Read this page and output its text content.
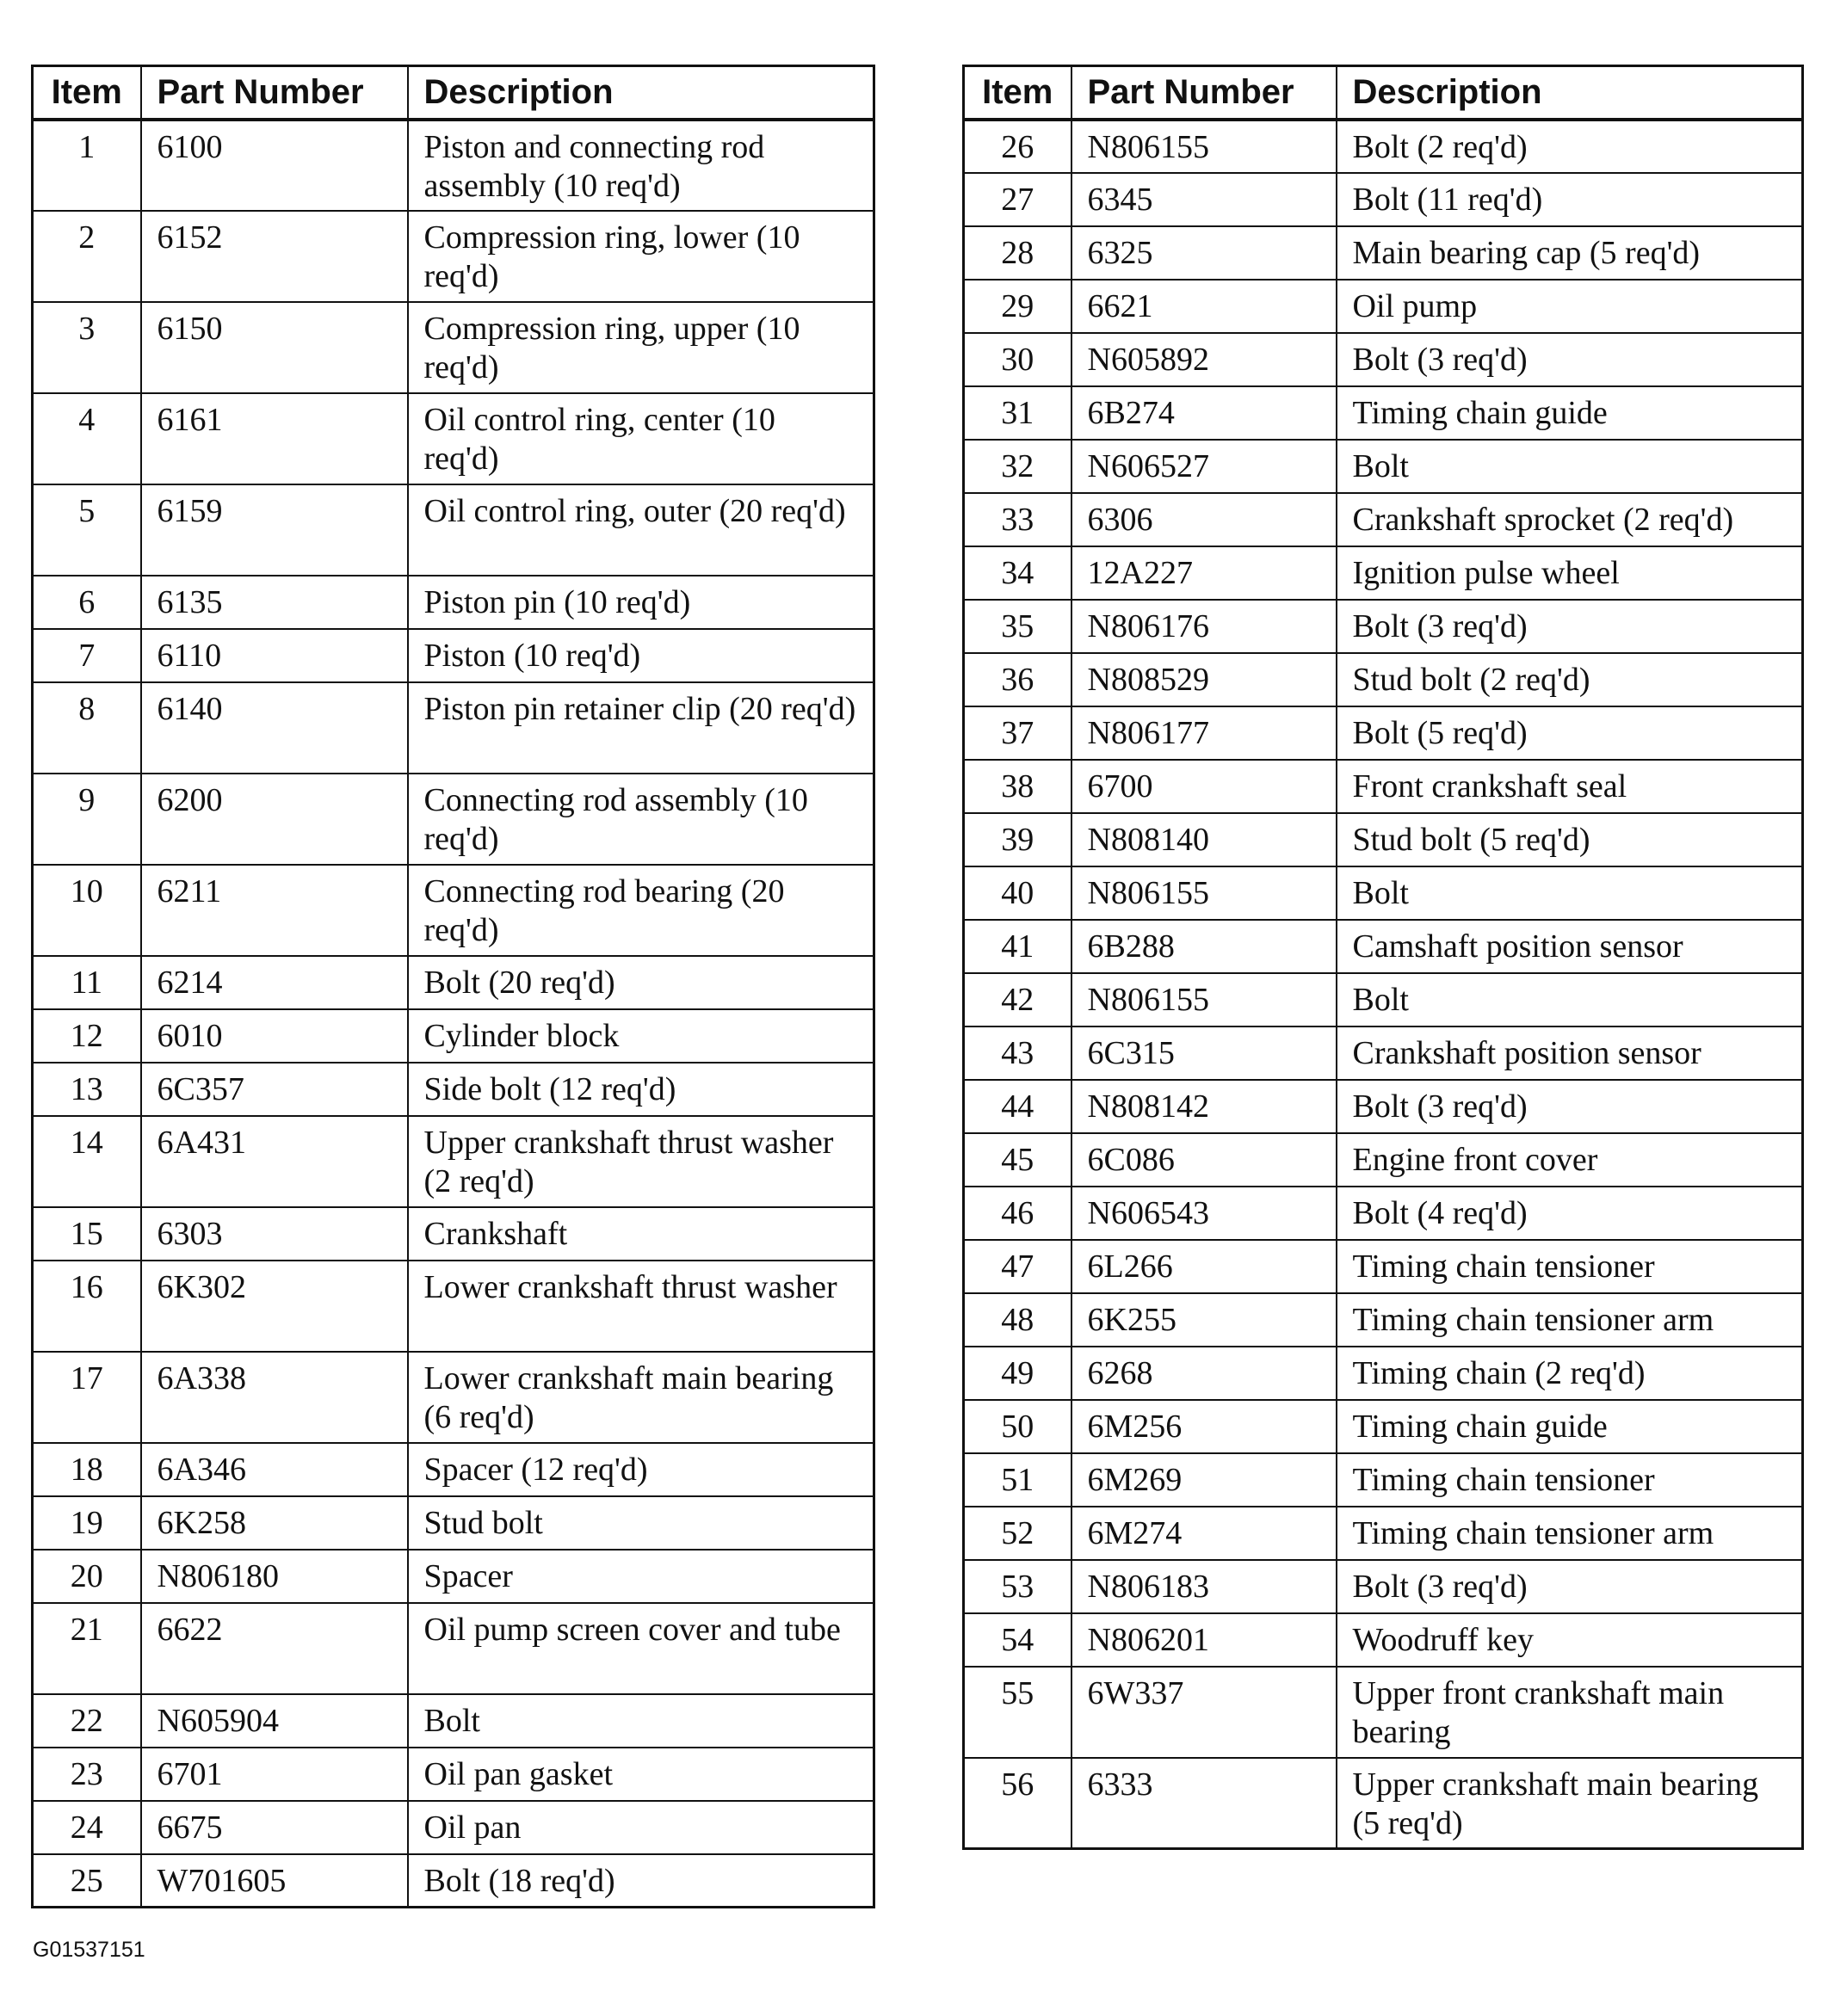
Item	Part Number	Description
1	6100	Piston and connecting rod assembly (10 req'd)
2	6152	Compression ring, lower (10 req'd)
3	6150	Compression ring, upper (10 req'd)
4	6161	Oil control ring, center (10 req'd)
5	6159	Oil control ring, outer (20 req'd)
6	6135	Piston pin (10 req'd)
7	6110	Piston (10 req'd)
8	6140	Piston pin retainer clip (20 req'd)
9	6200	Connecting rod assembly (10 req'd)
10	6211	Connecting rod bearing (20 req'd)
11	6214	Bolt (20 req'd)
12	6010	Cylinder block
13	6C357	Side bolt (12 req'd)
14	6A431	Upper crankshaft thrust washer (2 req'd)
15	6303	Crankshaft
16	6K302	Lower crankshaft thrust washer
17	6A338	Lower crankshaft main bearing (6 req'd)
18	6A346	Spacer (12 req'd)
19	6K258	Stud bolt
20	N806180	Spacer
21	6622	Oil pump screen cover and tube
22	N605904	Bolt
23	6701	Oil pan gasket
24	6675	Oil pan
25	W701605	Bolt (18 req'd)
Item	Part Number	Description
26	N806155	Bolt (2 req'd)
27	6345	Bolt (11 req'd)
28	6325	Main bearing cap (5 req'd)
29	6621	Oil pump
30	N605892	Bolt (3 req'd)
31	6B274	Timing chain guide
32	N606527	Bolt
33	6306	Crankshaft sprocket (2 req'd)
34	12A227	Ignition pulse wheel
35	N806176	Bolt (3 req'd)
36	N808529	Stud bolt (2 req'd)
37	N806177	Bolt (5 req'd)
38	6700	Front crankshaft seal
39	N808140	Stud bolt (5 req'd)
40	N806155	Bolt
41	6B288	Camshaft position sensor
42	N806155	Bolt
43	6C315	Crankshaft position sensor
44	N808142	Bolt (3 req'd)
45	6C086	Engine front cover
46	N606543	Bolt (4 req'd)
47	6L266	Timing chain tensioner
48	6K255	Timing chain tensioner arm
49	6268	Timing chain (2 req'd)
50	6M256	Timing chain guide
51	6M269	Timing chain tensioner
52	6M274	Timing chain tensioner arm
53	N806183	Bolt (3 req'd)
54	N806201	Woodruff key
55	6W337	Upper front crankshaft main bearing
56	6333	Upper crankshaft main bearing (5 req'd)
G01537151
